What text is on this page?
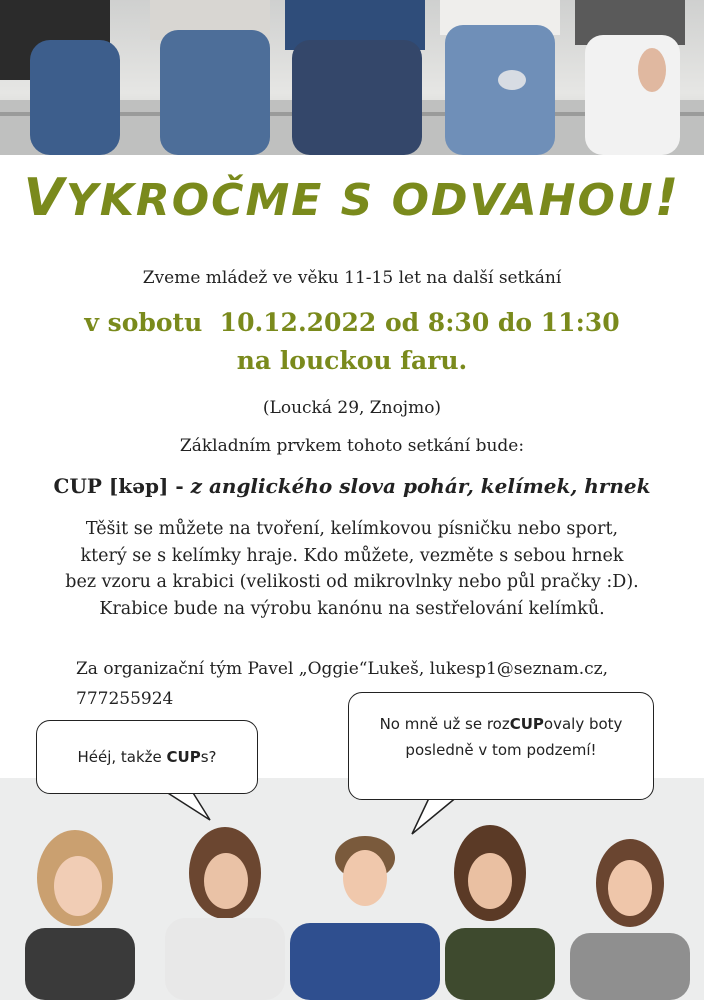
VYKROČME S ODVAHOU!
Zveme mládež ve věku 11-15 let na další setkání
v sobotu  10.12.2022 od 8:30 do 11:30
na louckou faru.
(Loucká 29, Znojmo)
Základním prvkem tohoto setkání bude:
CUP [kəp] - z anglického slova pohár, kelímek, hrnek
Těšit se můžete na tvoření, kelímkovou písničku nebo sport,
který se s kelímky hraje. Kdo můžete, vezměte s sebou hrnek
bez vzoru a krabici (velikosti od mikrovlnky nebo půl pračky :D).
Krabice bude na výrobu kanónu na sestřelování kelímků.
Za organizační tým Pavel „Oggie“Lukeš, lukesp1@seznam.cz,
777255924
Hééj, takže CUPs?
No mně už se rozCUPovaly boty
posledně v tom podzemí!
